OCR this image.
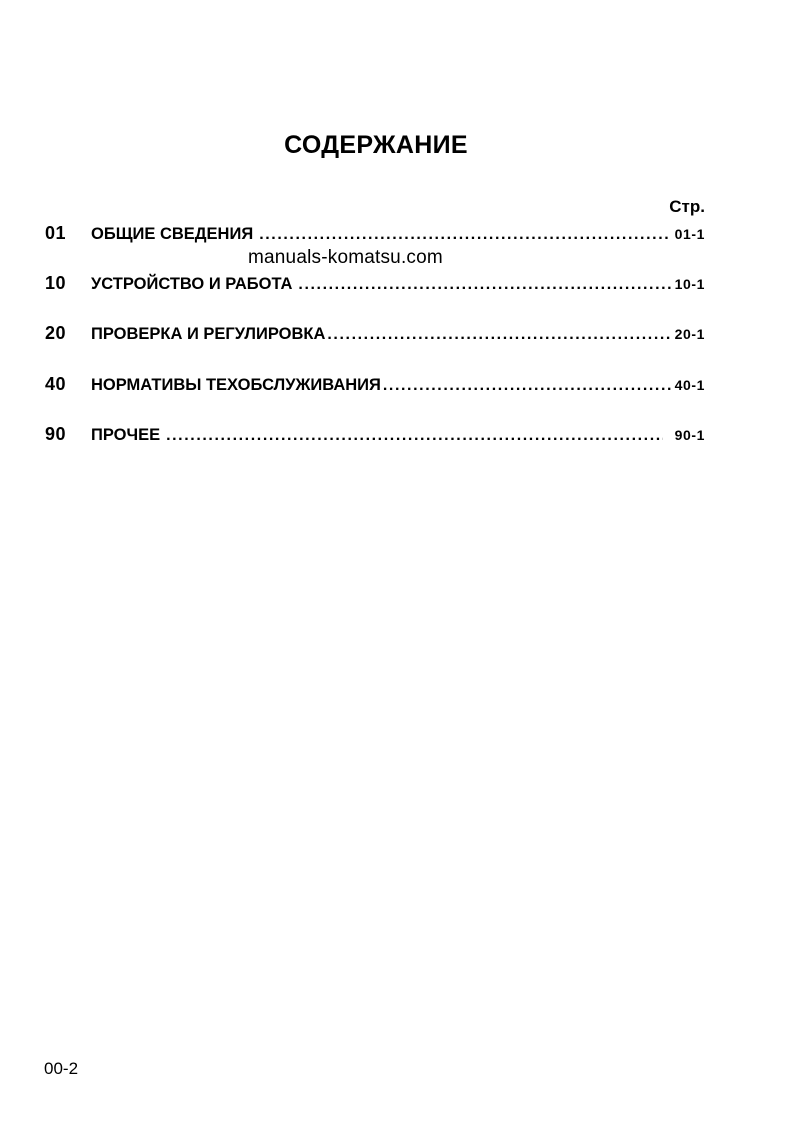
СОДЕРЖАНИЕ
Стр.
01	ОБЩИЕ СВЕДЕНИЯ .....	01-1
10	УСТРОЙСТВО И РАБОТА .....	10-1
20	ПРОВЕРКА И РЕГУЛИРОВКА .....	20-1
40	НОРМАТИВЫ ТЕХОБСЛУЖИВАНИЯ .....	40-1
90	ПРОЧЕЕ .....	90-1
manuals-komatsu.com
00-2
